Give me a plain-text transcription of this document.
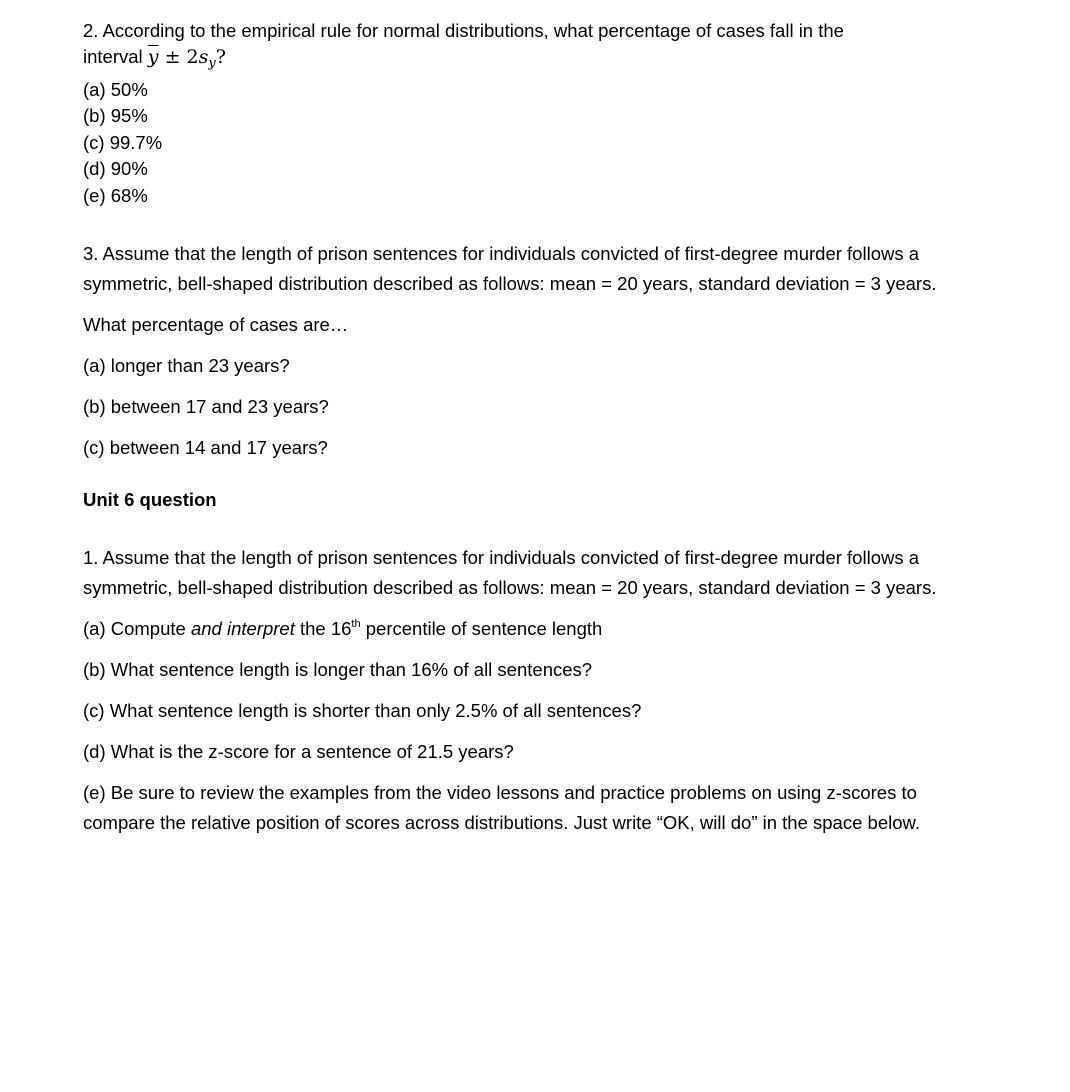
2. According to the empirical rule for normal distributions, what percentage of cases fall in the
interval $\overline{y} \pm 2s_y$?
(a) 50%
(b) 95%
(c) 99.7%
(d) 90%
(e) 68%
3. Assume that the length of prison sentences for individuals convicted of first-degree murder follows a
symmetric, bell-shaped distribution described as follows: mean = 20 years, standard deviation = 3 years.
What percentage of cases are…
(a) longer than 23 years?
(b) between 17 and 23 years?
(c) between 14 and 17 years?
Unit 6 question
1. Assume that the length of prison sentences for individuals convicted of first-degree murder follows a
symmetric, bell-shaped distribution described as follows: mean = 20 years, standard deviation = 3 years.
(a) Compute and interpret the 16th percentile of sentence length
(b) What sentence length is longer than 16% of all sentences?
(c) What sentence length is shorter than only 2.5% of all sentences?
(d) What is the z-score for a sentence of 21.5 years?
(e) Be sure to review the examples from the video lessons and practice problems on using z-scores to
compare the relative position of scores across distributions. Just write “OK, will do” in the space below.
